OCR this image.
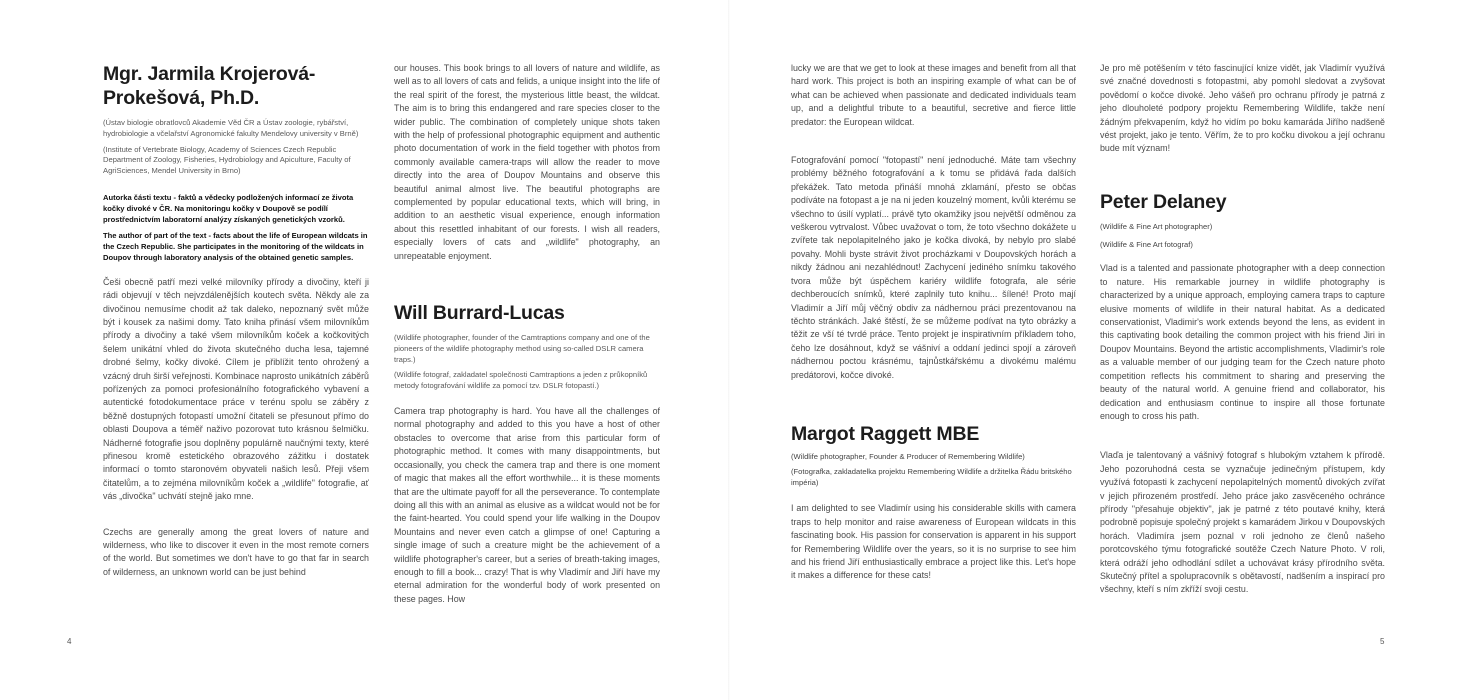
Mgr. Jarmila Krojerová-Prokešová, Ph.D.

(Ústav biologie obratlovců Akademie Věd ČR a Ústav zoologie, rybářství, hydrobiologie a včelařství Agronomické fakulty Mendelovy university v Brně)

(Institute of Vertebrate Biology, Academy of Sciences Czech Republic Department of Zoology, Fisheries, Hydrobiology and Apiculture, Faculty of AgriSciences, Mendel University in Brno)

Autorka části textu - faktů a vědecky podložených informací ze života kočky divoké v ČR. Na monitoringu kočky v Doupově se podílí prostřednictvím laboratorní analýzy získaných genetických vzorků.

The author of part of the text - facts about the life of European wildcats in the Czech Republic. She participates in the monitoring of the wildcats in Doupov through laboratory analysis of the obtained genetic samples.

Češi obecně patří mezi velké milovníky přírody a divočiny, kteří ji rádi objevují v těch nejvzdálenějších koutech světa. Někdy ale za divočinou nemusíme chodit až tak daleko, nepoznaný svět může být i kousek za našimi domy. Tato kniha přinásí všem milovníkům přírody a divočiny a také všem milovníkům koček a kočkovitých šelem unikátní vhled do života skutečného ducha lesa, tajemné drobné šelmy, kočky divoké. Cílem je přiblížit tento ohrožený a vzácný druh širší veřejnosti. Kombinace naprosto unikátních záběrů pořízených za pomoci profesionálního fotografického vybavení a autentické fotodokumentace práce v terénu spolu se záběry z běžně dostupných fotopastí umožní čitateli se přesunout přímo do oblasti Doupova a téměř naživo pozorovat tuto krásnou šelmičku. Nádherné fotografie jsou doplněny populárně naučnými texty, které přinesou kromě estetického obrazového zážitku i dostatek informací o tomto staronovém obyvateli našich lesů. Přeji všem čitatelům, a to zejména milovníkům koček a „wildlife" fotografie, ať vás „divočka" uchvátí stejně jako mne.

Czechs are generally among the great lovers of nature and wilderness, who like to discover it even in the most remote corners of the world. But sometimes we don't have to go that far in search of wilderness, an unknown world can be just behind

our houses. This book brings to all lovers of nature and wildlife, as well as to all lovers of cats and felids, a unique insight into the life of the real spirit of the forest, the mysterious little beast, the wildcat. The aim is to bring this endangered and rare species closer to the wider public. The combination of completely unique shots taken with the help of professional photographic equipment and authentic photo documentation of work in the field together with photos from commonly available camera-traps will allow the reader to move directly into the area of Doupov Mountains and observe this beautiful animal almost live. The beautiful photographs are complemented by popular educational texts, which will bring, in addition to an aesthetic visual experience, enough information about this resettled inhabitant of our forests. I wish all readers, especially lovers of cats and „wildlife" photography, an unrepeatable enjoyment.

Will Burrard-Lucas

(Wildlife photographer, founder of the Camtraptions company and one of the pioneers of the wildlife photography method using so-called DSLR camera traps.)

(Wildlife fotograf, zakladatel společnosti Camtraptions a jeden z průkopníků metody fotografování wildlife za pomocí tzv. DSLR fotopastí.)

Camera trap photography is hard. You have all the challenges of normal photography and added to this you have a host of other obstacles to overcome that arise from this particular form of photographic method. It comes with many disappointments, but occasionally, you check the camera trap and there is one moment of magic that makes all the effort worthwhile... it is these moments that are the ultimate payoff for all the perseverance. To contemplate doing all this with an animal as elusive as a wildcat would not be for the faint-hearted. You could spend your life walking in the Doupov Mountains and never even catch a glimpse of one! Capturing a single image of such a creature might be the achievement of a wildlife photographer's career, but a series of breath-taking images, enough to fill a book... crazy! That is why Vladimír and Jiří have my eternal admiration for the wonderful body of work presented on these pages. How

4

lucky we are that we get to look at these images and benefit from all that hard work. This project is both an inspiring example of what can be of what can be achieved when passionate and dedicated individuals team up, and a delightful tribute to a beautiful, secretive and fierce little predator: the European wildcat.

Fotografování pomocí "fotopastí" není jednoduché. Máte tam všechny problémy běžného fotografování a k tomu se přidává řada dalších překážek. Tato metoda přináší mnohá zklamání, přesto se občas podíváte na fotopast a je na ni jeden kouzelný moment, kvůli kterému se všechno to úsilí vyplatí... právě tyto okamžiky jsou největší odměnou za veškerou vytrvalost. Vůbec uvažovat o tom, že toto všechno dokážete u zvířete tak nepolapitelného jako je kočka divoká, by nebylo pro slabé povahy. Mohli byste strávit život procházkami v Doupovských horách a nikdy žádnou ani nezahlédnout! Zachycení jediného snímku takového tvora může být úspěchem kariéry wildlife fotografa, ale série dechberoucích snímků, které zaplnily tuto knihu... šílené! Proto mají Vladimír a Jiří můj věčný obdiv za nádhernou práci prezentovanou na těchto stránkách. Jaké štěstí, že se můžeme podívat na tyto obrázky a těžit ze vší té tvrdé práce. Tento projekt je inspirativním příkladem toho, čeho lze dosáhnout, když se vášniví a oddaní jedinci spojí a zároveň nádhernou poctou krásnému, tajnůstkářskému a divokému malému predátorovi, kočce divoké.

Margot Raggett MBE

(Wildlife photographer, Founder & Producer of Remembering Wildlife)

(Fotografka, zakladatelka projektu Remembering Wildlife a držitelka Řádu britského impéria)

I am delighted to see Vladimír using his considerable skills with camera traps to help monitor and raise awareness of European wildcats in this fascinating book. His passion for conservation is apparent in his support for Remembering Wildlife over the years, so it is no surprise to see him and his friend Jiří enthusiastically embrace a project like this. Let's hope it makes a difference for these cats!

Je pro mě potěšením v této fascinující knize vidět, jak Vladimír využívá své značné dovednosti s fotopastmi, aby pomohl sledovat a zvyšovat povědomí o kočce divoké. Jeho vášeň pro ochranu přírody je patrná z jeho dlouholeté podpory projektu Remembering Wildlife, takže není žádným překvapením, když ho vidím po boku kamaráda Jiřího nadšeně vést projekt, jako je tento. Věřím, že to pro kočku divokou a její ochranu bude mít význam!

Peter Delaney

(Wildlife & Fine Art photographer)

(Wildlife & Fine Art fotograf)

Vlad is a talented and passionate photographer with a deep connection to nature. His remarkable journey in wildlife photography is characterized by a unique approach, employing camera traps to capture elusive moments of wildlife in their natural habitat. As a dedicated conservationist, Vladimir's work extends beyond the lens, as evident in this captivating book detailing the common project with his friend Jiri in Doupov Mountains. Beyond the artistic accomplishments, Vladimir's role as a valuable member of our judging team for the Czech nature photo competition reflects his commitment to sharing and preserving the beauty of the natural world. A genuine friend and collaborator, his dedication and enthusiasm continue to inspire all those fortunate enough to cross his path.

Vlaďa je talentovaný a vášnivý fotograf s hlubokým vztahem k přírodě. Jeho pozoruhodná cesta se vyznačuje jedinečným přístupem, kdy využívá fotopasti k zachycení nepolapitelných momentů divokých zvířat v jejich přirozeném prostředí. Jeho práce jako zasvěceného ochránce přírody "přesahuje objektiv", jak je patrné z této poutavé knihy, která podrobně popisuje společný projekt s kamarádem Jirkou v Doupovských horách. Vladimíra jsem poznal v roli jednoho ze členů našeho porotcovského týmu fotografické soutěže Czech Nature Photo. V roli, která odráží jeho odhodlání sdílet a uchovávat krásy přírodního světa. Skutečný přítel a spolupracovník s obětavostí, nadšením a inspirací pro všechny, kteří s ním zkříží svoji cestu.

5
